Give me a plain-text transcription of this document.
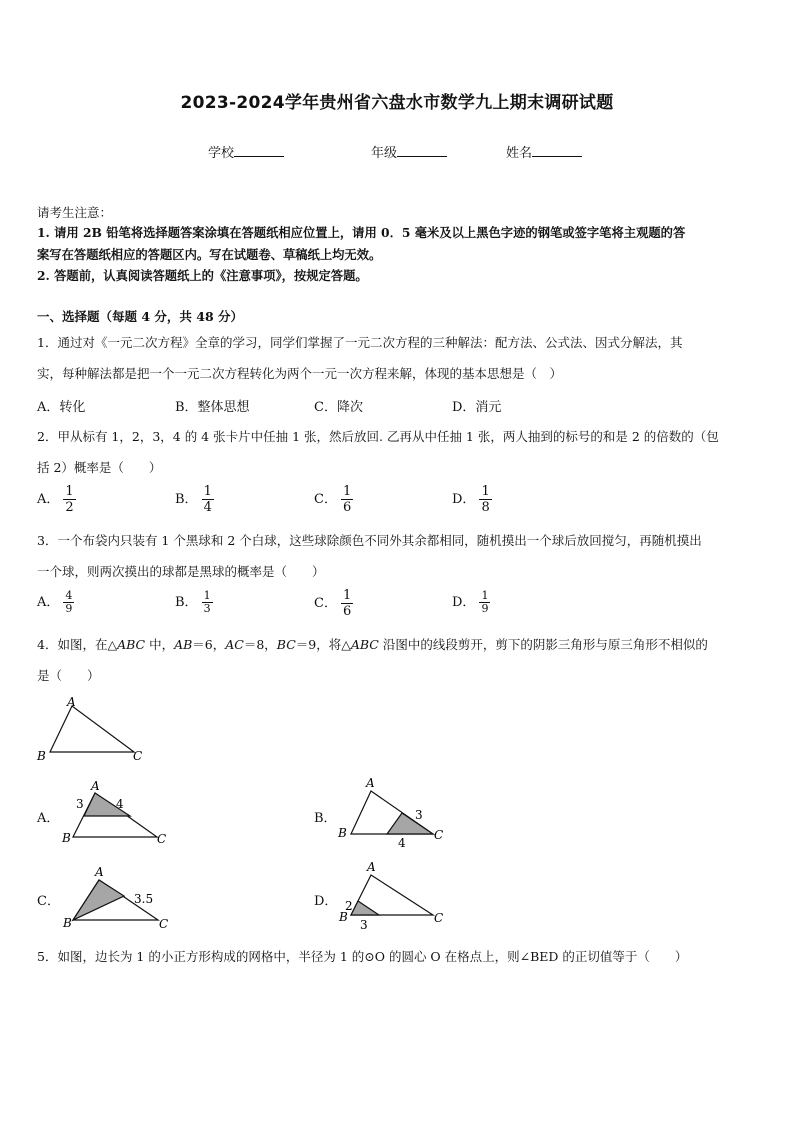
2023-2024学年贵州省六盘水市数学九上期末调研试题
学校	年级	姓名
请考生注意：
1. 请用 2B 铅笔将选择题答案涂填在答题纸相应位置上，请用 0．5 毫米及以上黑色字迹的钢笔或签字笔将主观题的答
案写在答题纸相应的答题区内。写在试题卷、草稿纸上均无效。
2. 答题前，认真阅读答题纸上的《注意事项》，按规定答题。
一、选择题（每题 4 分，共 48 分）
1．通过对《一元二次方程》全章的学习，同学们掌握了一元二次方程的三种解法：配方法、公式法、因式分解法，其
实，每种解法都是把一个一元二次方程转化为两个一元一次方程来解，体现的基本思想是（　）
A．转化	B．整体思想	C．降次	D．消元
2．甲从标有 1，2，3，4 的 4 张卡片中任抽 1 张，然后放回. 乙再从中任抽 1 张，两人抽到的标号的和是 2 的倍数的（包
括 2）概率是（　　）
A． $\frac{1}{2}$	B． $\frac{1}{4}$	C． $\frac{1}{6}$	D． $\frac{1}{8}$
3．一个布袋内只装有 1 个黑球和 2 个白球，这些球除颜色不同外其余都相同，随机摸出一个球后放回搅匀，再随机摸出
一个球，则两次摸出的球都是黑球的概率是（　　）
A． $\frac{4}{9}$	B． $\frac{1}{3}$	C． $\frac{1}{6}$	D． $\frac{1}{9}$
4．如图，在△ABC 中，AB＝6，AC＝8，BC＝9，将△ABC 沿图中的线段剪开，剪下的阴影三角形与原三角形不相似的
是（　　）
A
B	C
A．
A
B	C
3	4
B．
A
B	C
3
4
C．
A
B	C
3.5	D．
A
B	C
2
3
5．如图，边长为 1 的小正方形构成的网格中，半径为 1 的⊙O 的圆心 O 在格点上，则∠BED 的正切值等于（　　）
